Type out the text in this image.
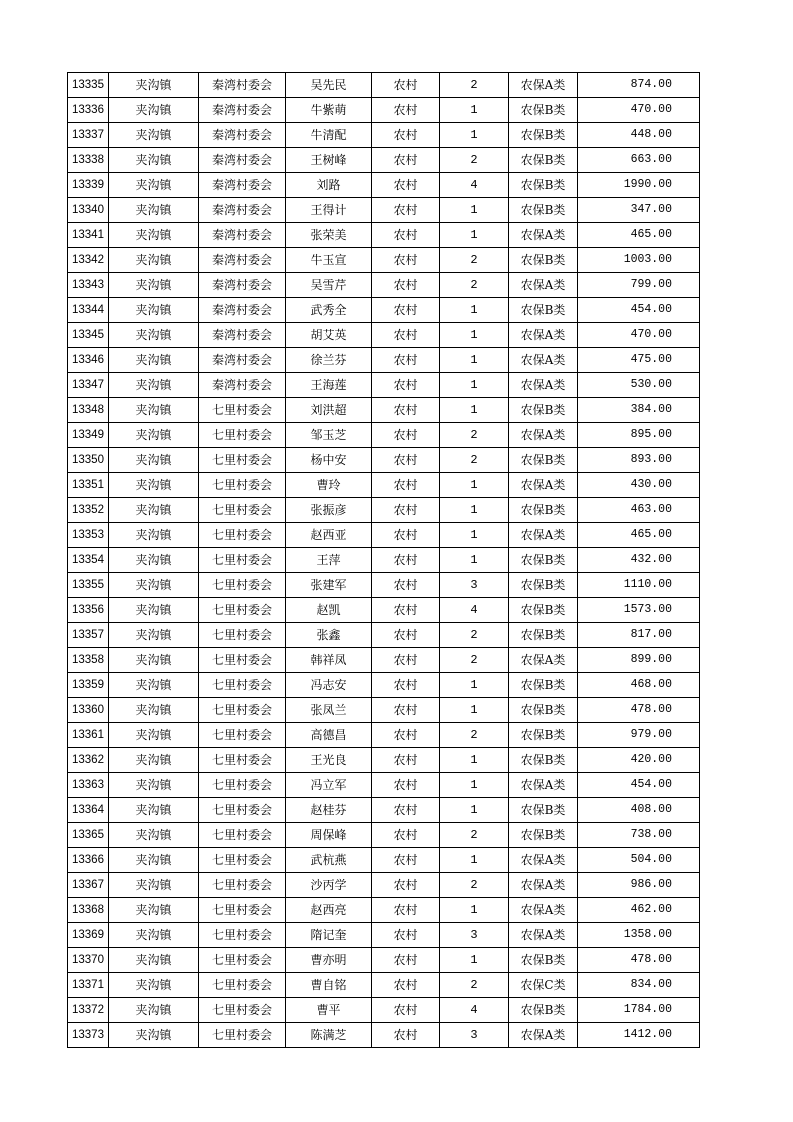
13335	夹沟镇	秦湾村委会	吴先民	农村	2	农保A类	874.00
13336	夹沟镇	秦湾村委会	牛紫萌	农村	1	农保B类	470.00
13337	夹沟镇	秦湾村委会	牛清配	农村	1	农保B类	448.00
13338	夹沟镇	秦湾村委会	王树峰	农村	2	农保B类	663.00
13339	夹沟镇	秦湾村委会	刘路	农村	4	农保B类	1990.00
13340	夹沟镇	秦湾村委会	王得计	农村	1	农保B类	347.00
13341	夹沟镇	秦湾村委会	张荣美	农村	1	农保A类	465.00
13342	夹沟镇	秦湾村委会	牛玉宣	农村	2	农保B类	1003.00
13343	夹沟镇	秦湾村委会	吴雪芹	农村	2	农保A类	799.00
13344	夹沟镇	秦湾村委会	武秀全	农村	1	农保B类	454.00
13345	夹沟镇	秦湾村委会	胡艾英	农村	1	农保A类	470.00
13346	夹沟镇	秦湾村委会	徐兰芬	农村	1	农保A类	475.00
13347	夹沟镇	秦湾村委会	王海莲	农村	1	农保A类	530.00
13348	夹沟镇	七里村委会	刘洪超	农村	1	农保B类	384.00
13349	夹沟镇	七里村委会	邹玉芝	农村	2	农保A类	895.00
13350	夹沟镇	七里村委会	杨中安	农村	2	农保B类	893.00
13351	夹沟镇	七里村委会	曹玲	农村	1	农保A类	430.00
13352	夹沟镇	七里村委会	张振彦	农村	1	农保B类	463.00
13353	夹沟镇	七里村委会	赵西亚	农村	1	农保A类	465.00
13354	夹沟镇	七里村委会	王萍	农村	1	农保B类	432.00
13355	夹沟镇	七里村委会	张建军	农村	3	农保B类	1110.00
13356	夹沟镇	七里村委会	赵凯	农村	4	农保B类	1573.00
13357	夹沟镇	七里村委会	张鑫	农村	2	农保B类	817.00
13358	夹沟镇	七里村委会	韩祥凤	农村	2	农保A类	899.00
13359	夹沟镇	七里村委会	冯志安	农村	1	农保B类	468.00
13360	夹沟镇	七里村委会	张凤兰	农村	1	农保B类	478.00
13361	夹沟镇	七里村委会	高德昌	农村	2	农保B类	979.00
13362	夹沟镇	七里村委会	王光良	农村	1	农保B类	420.00
13363	夹沟镇	七里村委会	冯立军	农村	1	农保A类	454.00
13364	夹沟镇	七里村委会	赵桂芬	农村	1	农保B类	408.00
13365	夹沟镇	七里村委会	周保峰	农村	2	农保B类	738.00
13366	夹沟镇	七里村委会	武杭燕	农村	1	农保A类	504.00
13367	夹沟镇	七里村委会	沙丙学	农村	2	农保A类	986.00
13368	夹沟镇	七里村委会	赵西亮	农村	1	农保A类	462.00
13369	夹沟镇	七里村委会	隋记奎	农村	3	农保A类	1358.00
13370	夹沟镇	七里村委会	曹亦明	农村	1	农保B类	478.00
13371	夹沟镇	七里村委会	曹自铭	农村	2	农保C类	834.00
13372	夹沟镇	七里村委会	曹平	农村	4	农保B类	1784.00
13373	夹沟镇	七里村委会	陈满芝	农村	3	农保A类	1412.00
